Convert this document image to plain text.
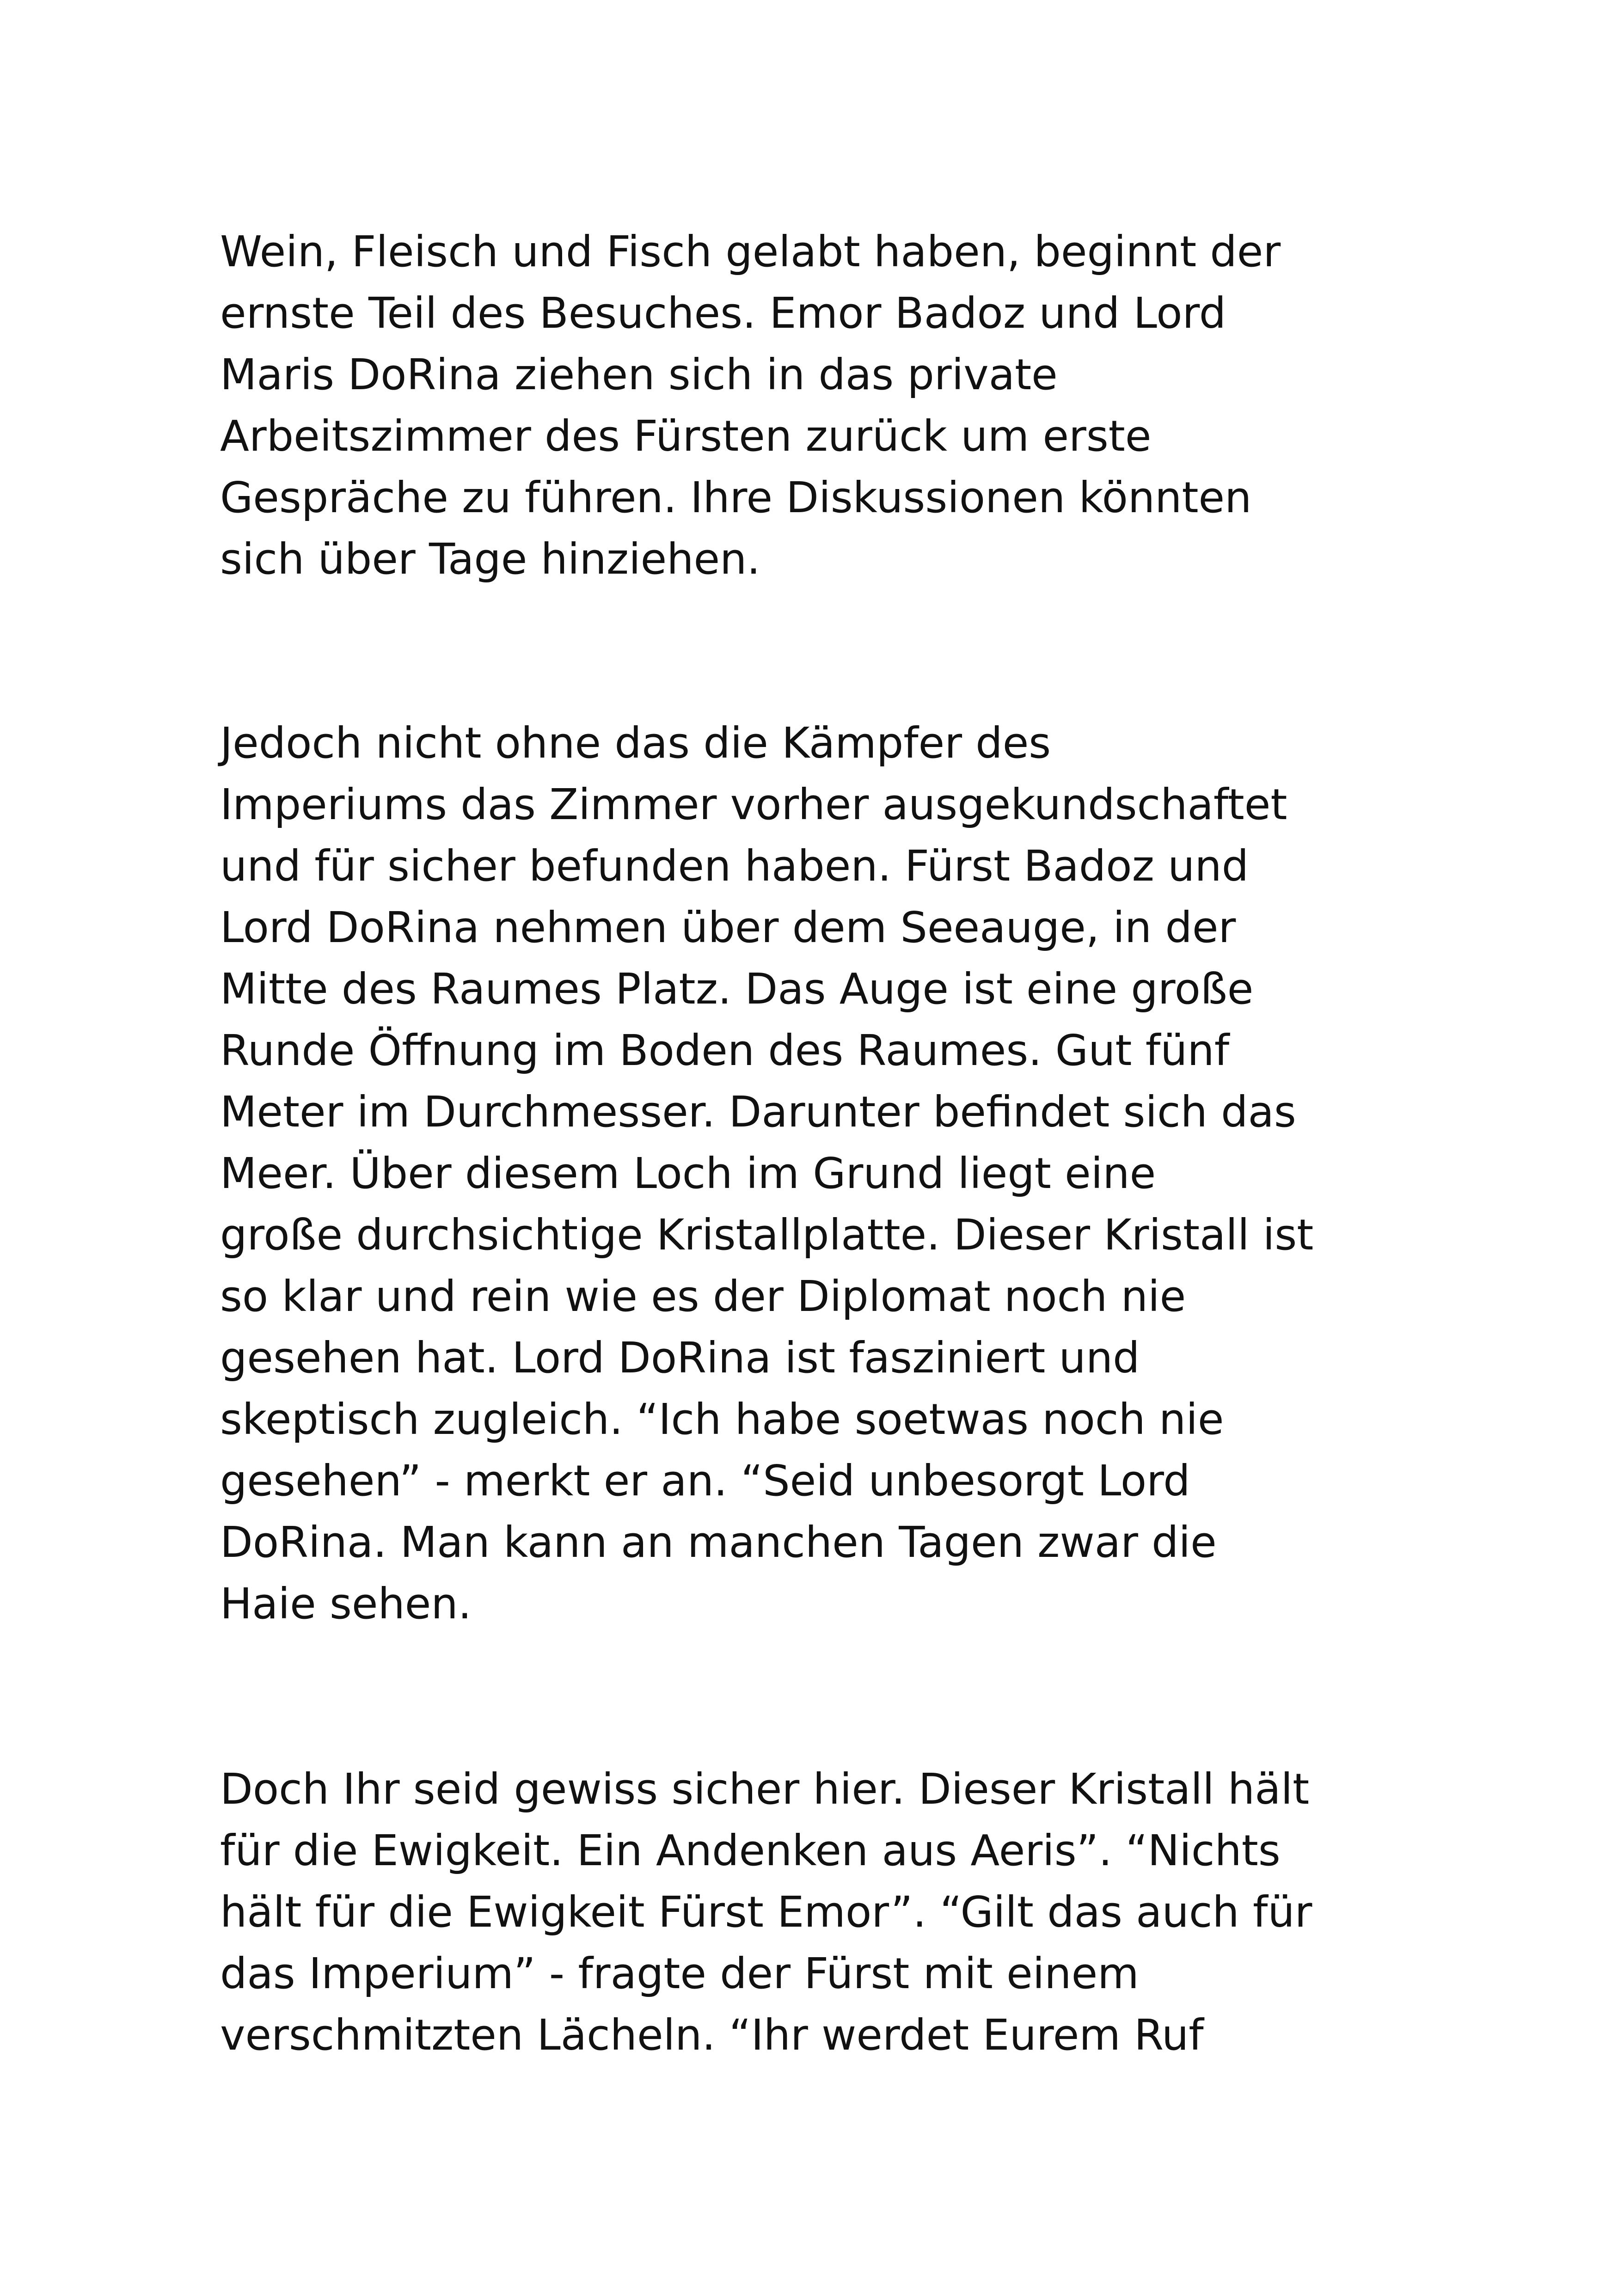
Wein, Fleisch und Fisch gelabt haben, beginnt der
ernste Teil des Besuches. Emor Badoz und Lord
Maris DoRina ziehen sich in das private
Arbeitszimmer des Fürsten zurück um erste
Gespräche zu führen. Ihre Diskussionen könnten
sich über Tage hinziehen.

Jedoch nicht ohne das die Kämpfer des
Imperiums das Zimmer vorher ausgekundschaftet
und für sicher befunden haben. Fürst Badoz und
Lord DoRina nehmen über dem Seeauge, in der
Mitte des Raumes Platz. Das Auge ist eine große
Runde Öffnung im Boden des Raumes. Gut fünf
Meter im Durchmesser. Darunter befindet sich das
Meer. Über diesem Loch im Grund liegt eine
große durchsichtige Kristallplatte. Dieser Kristall ist
so klar und rein wie es der Diplomat noch nie
gesehen hat. Lord DoRina ist fasziniert und
skeptisch zugleich. “Ich habe soetwas noch nie
gesehen” - merkt er an. “Seid unbesorgt Lord
DoRina. Man kann an manchen Tagen zwar die
Haie sehen.

Doch Ihr seid gewiss sicher hier. Dieser Kristall hält
für die Ewigkeit. Ein Andenken aus Aeris”. “Nichts
hält für die Ewigkeit Fürst Emor”. “Gilt das auch für
das Imperium” - fragte der Fürst mit einem
verschmitzten Lächeln. “Ihr werdet Eurem Ruf
